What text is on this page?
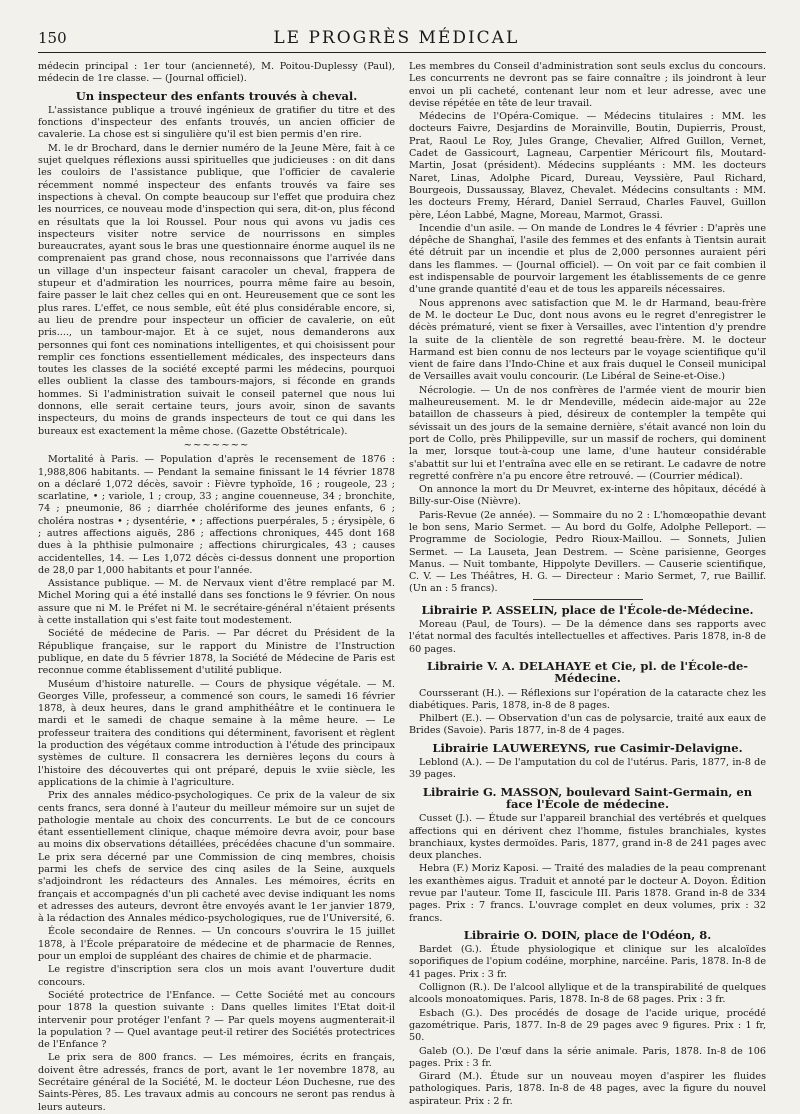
150	LE PROGRÈS MÉDICAL

médecin principal : 1er tour (ancienneté), M. Poitou-Duplessy (Paul), médecin de 1re classe. — (Journal officiel).

Un inspecteur des enfants trouvés à cheval.

L'assistance publique a trouvé ingénieux de gratifier du titre et des fonctions d'inspecteur des enfants trouvés, un ancien officier de cavalerie. La chose est si singulière qu'il est bien permis d'en rire.

M. le dr Brochard, dans le dernier numéro de la Jeune Mère, fait à ce sujet quelques réflexions aussi spirituelles que judicieuses : on dit dans les couloirs de l'assistance publique, que l'officier de cavalerie récemment nommé inspecteur des enfants trouvés va faire ses inspections à cheval. On compte beaucoup sur l'effet que produira chez les nourrices, ce nouveau mode d'inspection qui sera, dit-on, plus fécond en résultats que la loi Roussel. Pour nous qui avons vu jadis ces inspecteurs visiter notre service de nourrissons en simples bureaucrates, ayant sous le bras une questionnaire énorme auquel ils ne comprenaient pas grand chose, nous reconnaissons que l'arrivée dans un village d'un inspecteur faisant caracoler un cheval, frappera de stupeur et d'admiration les nourrices, pourra même faire au besoin, faire passer le lait chez celles qui en ont. Heureusement que ce sont les plus rares. L'effet, ce nous semble, eût été plus considérable encore, si, au lieu de prendre pour inspecteur un officier de cavalerie, on eût pris...., un tambour-major. Et à ce sujet, nous demanderons aux personnes qui font ces nominations intelligentes, et qui choisissent pour remplir ces fonctions essentiellement médicales, des inspecteurs dans toutes les classes de la société excepté parmi les médecins, pourquoi elles oublient la classe des tambours-majors, si féconde en grands hommes. Si l'administration suivait le conseil paternel que nous lui donnons, elle serait certaine teurs, jours avoir, sinon de savants inspecteurs, du moins de grands inspecteurs de tout ce qui dans les bureaux est exactement la même chose. (Gazette Obstétricale).

~~~~~~~

Mortalité à Paris. — Population d'après le recensement de 1876 : 1,988,806 habitants. — Pendant la semaine finissant le 14 février 1878 on a déclaré 1,072 décès, savoir : Fièvre typhoïde, 16 ; rougeole, 23 ; scarlatine, • ; variole, 1 ; croup, 33 ; angine couenneuse, 34 ; bronchite, 74 ; pneumonie, 86 ; diarrhée cholériforme des jeunes enfants, 6 ; choléra nostras • ; dysentérie, • ; affections puerpérales, 5 ; érysipèle, 6 ; autres affections aiguës, 286 ; affections chroniques, 445 dont 168 dues à la phthisie pulmonaire ; affections chirurgicales, 43 ; causes accidentelles, 14. — Les 1,072 décès ci-dessus donnent une proportion de 28,0 par 1,000 habitants et pour l'année.

Assistance publique. — M. de Nervaux vient d'être remplacé par M. Michel Moring qui a été installé dans ses fonctions le 9 février. On nous assure que ni M. le Préfet ni M. le secrétaire-général n'étaient présents à cette installation qui s'est faite tout modestement.

Société de médecine de Paris. — Par décret du Président de la République française, sur le rapport du Ministre de l'Instruction publique, en date du 5 février 1878, la Société de Médecine de Paris est reconnue comme établissement d'utilité publique.

Muséum d'histoire naturelle. — Cours de physique végétale. — M. Georges Ville, professeur, a commencé son cours, le samedi 16 février 1878, à deux heures, dans le grand amphithéâtre et le continuera le mardi et le samedi de chaque semaine à la même heure. — Le professeur traitera des conditions qui déterminent, favorisent et règlent la production des végétaux comme introduction à l'étude des principaux systèmes de culture. Il consacrera les dernières leçons du cours à l'histoire des découvertes qui ont préparé, depuis le xviie siècle, les applications de la chimie à l'agriculture.

Prix des annales médico-psychologiques. Ce prix de la valeur de six cents francs, sera donné à l'auteur du meilleur mémoire sur un sujet de pathologie mentale au choix des concurrents. Le but de ce concours étant essentiellement clinique, chaque mémoire devra avoir, pour base au moins dix observations détaillées, précédées chacune d'un sommaire. Le prix sera décerné par une Commission de cinq membres, choisis parmi les chefs de service des cinq asiles de la Seine, auxquels s'adjoindront les rédacteurs des Annales. Les mémoires, écrits en français et accompagnés d'un pli cacheté avec devise indiquant les noms et adresses des auteurs, devront être envoyés avant le 1er janvier 1879, à la rédaction des Annales médico-psychologiques, rue de l'Université, 6.

École secondaire de Rennes. — Un concours s'ouvrira le 15 juillet 1878, à l'École préparatoire de médecine et de pharmacie de Rennes, pour un emploi de suppléant des chaires de chimie et de pharmacie.

Le registre d'inscription sera clos un mois avant l'ouverture dudit concours.

Société protectrice de l'Enfance. — Cette Société met au concours pour 1878 la question suivante : Dans quelles limites l'Etat doit-il intervenir pour protéger l'enfant ? — Par quels moyens augmenterait-il la population ? — Quel avantage peut-il retirer des Sociétés protectrices de l'Enfance ?

Le prix sera de 800 francs. — Les mémoires, écrits en français, doivent être adressés, francs de port, avant le 1er novembre 1878, au Secrétaire général de la Société, M. le docteur Léon Duchesne, rue des Saints-Pères, 85. Les travaux admis au concours ne seront pas rendus à leurs auteurs.

Les membres du Conseil d'administration sont seuls exclus du concours. Les concurrents ne devront pas se faire connaître ; ils joindront à leur envoi un pli cacheté, contenant leur nom et leur adresse, avec une devise répétée en tête de leur travail.

Médecins de l'Opéra-Comique. — Médecins titulaires : MM. les docteurs Faivre, Desjardins de Morainville, Boutin, Dupierris, Proust, Prat, Raoul Le Roy, Jules Grange, Chevalier, Alfred Guillon, Vernet, Cadet de Gassicourt, Lagneau, Carpentier Méricourt fils, Moutard-Martin, Josat (président). Médecins suppléants : MM. les docteurs Naret, Linas, Adolphe Picard, Dureau, Veyssière, Paul Richard, Bourgeois, Dussaussay, Blavez, Chevalet. Médecins consultants : MM. les docteurs Fremy, Hérard, Daniel Serraud, Charles Fauvel, Guillon père, Léon Labbé, Magne, Moreau, Marmot, Grassi.

Incendie d'un asile. — On mande de Londres le 4 février : D'après une dépêche de Shanghaï, l'asile des femmes et des enfants à Tientsin aurait été détruit par un incendie et plus de 2,000 personnes auraient péri dans les flammes. — (Journal officiel). — On voit par ce fait combien il est indispensable de pourvoir largement les établissements de ce genre d'une grande quantité d'eau et de tous les appareils nécessaires.

Nous apprenons avec satisfaction que M. le dr Harmand, beau-frère de M. le docteur Le Duc, dont nous avons eu le regret d'enregistrer le décès prématuré, vient se fixer à Versailles, avec l'intention d'y prendre la suite de la clientèle de son regretté beau-frère. M. le docteur Harmand est bien connu de nos lecteurs par le voyage scientifique qu'il vient de faire dans l'Indo-Chine et aux frais duquel le Conseil municipal de Versailles avait voulu concourir. (Le Libéral de Seine-et-Oise.)

Nécrologie. — Un de nos confrères de l'armée vient de mourir bien malheureusement. M. le dr Mendeville, médecin aide-major au 22e bataillon de chasseurs à pied, désireux de contempler la tempête qui sévissait un des jours de la semaine dernière, s'était avancé non loin du port de Collo, près Philippeville, sur un massif de rochers, qui dominent la mer, lorsque tout-à-coup une lame, d'une hauteur considérable s'abattit sur lui et l'entraîna avec elle en se retirant. Le cadavre de notre regretté confrère n'a pu encore être retrouvé. — (Courrier médical).

On annonce la mort du Dr Meuvret, ex-interne des hôpitaux, décédé à Billy-sur-Oise (Nièvre).

Paris-Revue (2e année). — Sommaire du no 2 : L'homœopathie devant le bon sens, Mario Sermet. — Au bord du Golfe, Adolphe Pelleport. — Programme de Sociologie, Pedro Rioux-Maillou. — Sonnets, Julien Sermet. — La Lauseta, Jean Destrem. — Scène parisienne, Georges Manus. — Nuit tombante, Hippolyte Devillers. — Causerie scientifique, C. V. — Les Théâtres, H. G. — Directeur : Mario Sermet, 7, rue Baillif. (Un an : 5 francs).

Librairie P. ASSELIN, place de l'École-de-Médecine.

Moreau (Paul, de Tours). — De la démence dans ses rapports avec l'état normal des facultés intellectuelles et affectives. Paris 1878, in-8 de 60 pages.

Librairie V. A. DELAHAYE et Cie, pl. de l'École-de-Médecine.

Coursserant (H.). — Réflexions sur l'opération de la cataracte chez les diabétiques. Paris, 1878, in-8 de 8 pages.

Philbert (E.). — Observation d'un cas de polysarcie, traité aux eaux de Brides (Savoie). Paris 1877, in-8 de 4 pages.

Librairie LAUWEREYNS, rue Casimir-Delavigne.

Leblond (A.). — De l'amputation du col de l'utérus. Paris, 1877, in-8 de 39 pages.

Librairie G. MASSON, boulevard Saint-Germain, en face l'École de médecine.

Cusset (J.). — Étude sur l'appareil branchial des vertébrés et quelques affections qui en dérivent chez l'homme, fistules branchiales, kystes branchiaux, kystes dermoïdes. Paris, 1877, grand in-8 de 241 pages avec deux planches.

Hebra (F.) Moriz Kaposi. — Traité des maladies de la peau comprenant les exanthèmes aigus. Traduit et annoté par le docteur A. Doyon. Édition revue par l'auteur. Tome II, fascicule III. Paris 1878. Grand in-8 de 334 pages. Prix : 7 francs. L'ouvrage complet en deux volumes, prix : 32 francs.

Librairie O. DOIN, place de l'Odéon, 8.

Bardet (G.). Étude physiologique et clinique sur les alcaloïdes soporifiques de l'opium codéine, morphine, narcéine. Paris, 1878. In-8 de 41 pages. Prix : 3 fr.

Collignon (R.). De l'alcool allylique et de la transpirabilité de quelques alcools monoatomiques. Paris, 1878. In-8 de 68 pages. Prix : 3 fr.

Esbach (G.). Des procédés de dosage de l'acide urique, procédé gazométrique. Paris, 1877. In-8 de 29 pages avec 9 figures. Prix : 1 fr, 50.

Galeb (O.). De l'œuf dans la série animale. Paris, 1878. In-8 de 106 pages. Prix : 3 fr.

Girard (M.). Étude sur un nouveau moyen d'aspirer les fluides pathologiques. Paris, 1878. In-8 de 48 pages, avec la figure du nouvel aspirateur. Prix : 2 fr.
